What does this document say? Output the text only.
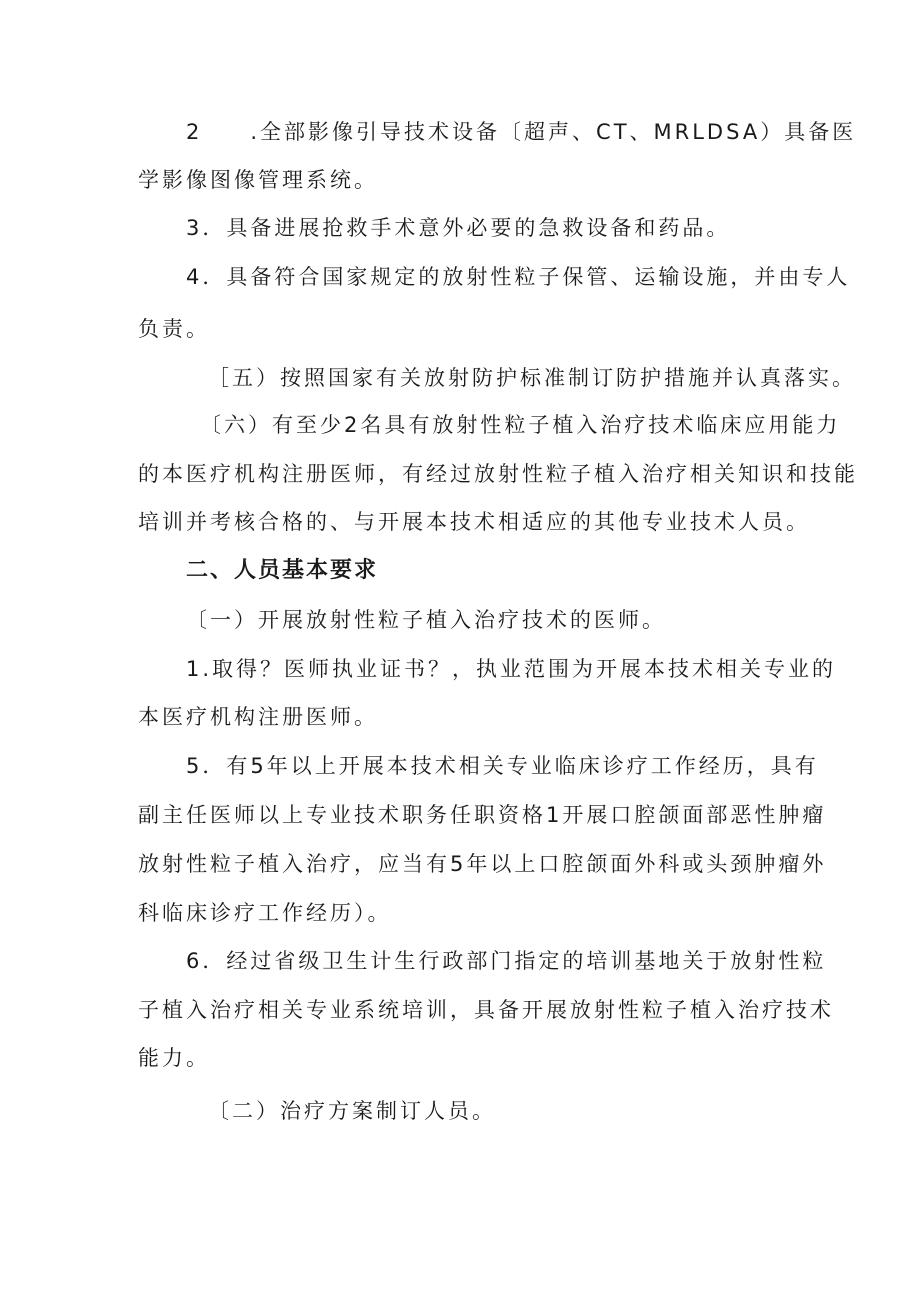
2　　.全部影像引导技术设备〔超声、CT、MRLDSA）具备医

学影像图像管理系统。

3．具备进展抢救手术意外必要的急救设备和药品。

4．具备符合国家规定的放射性粒子保管、运输设施，并由专人

负责。

［五）按照国家有关放射防护标准制订防护措施并认真落实。

〔六）有至少2名具有放射性粒子植入治疗技术临床应用能力

的本医疗机构注册医师，有经过放射性粒子植入治疗相关知识和技能

培训并考核合格的、与开展本技术相适应的其他专业技术人员。

二、人员基本要求

〔一）开展放射性粒子植入治疗技术的医师。

1.取得？医师执业证书？，执业范围为开展本技术相关专业的

本医疗机构注册医师。

5．有5年以上开展本技术相关专业临床诊疗工作经历，具有

副主任医师以上专业技术职务任职资格1开展口腔颌面部恶性肿瘤

放射性粒子植入治疗，应当有5年以上口腔颌面外科或头颈肿瘤外

科临床诊疗工作经历）。

6．经过省级卫生计生行政部门指定的培训基地关于放射性粒

子植入治疗相关专业系统培训，具备开展放射性粒子植入治疗技术

能力。

〔二）治疗方案制订人员。
